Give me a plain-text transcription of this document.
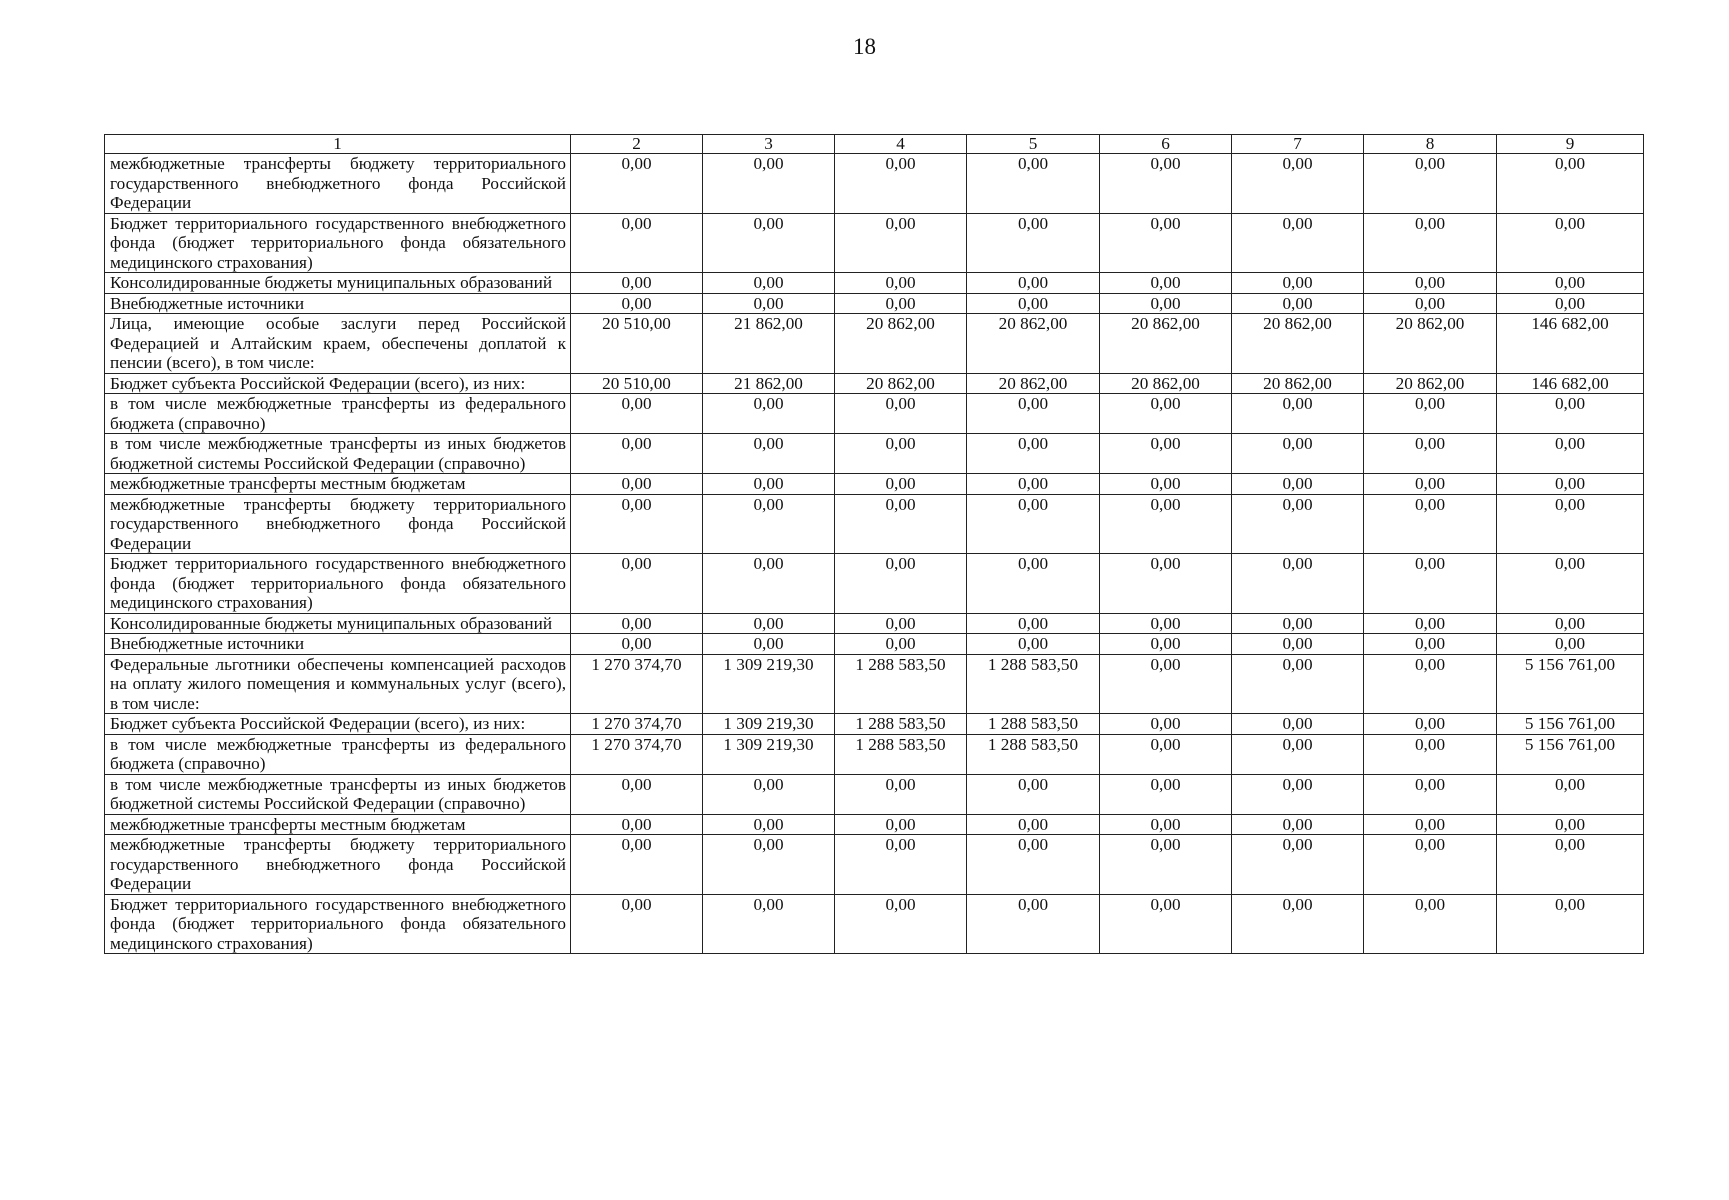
18
1	2	3	4	5	6	7	8	9
межбюджетные трансферты бюджету территориального государственного внебюджетного фонда Российской Федерации	0,00	0,00	0,00	0,00	0,00	0,00	0,00	0,00
Бюджет территориального государственного внебюджетного фонда (бюджет территориального фонда обязательного медицинского страхования)	0,00	0,00	0,00	0,00	0,00	0,00	0,00	0,00
Консолидированные бюджеты муниципальных образований	0,00	0,00	0,00	0,00	0,00	0,00	0,00	0,00
Внебюджетные источники	0,00	0,00	0,00	0,00	0,00	0,00	0,00	0,00
Лица, имеющие особые заслуги перед Российской Федерацией и Алтайским краем, обеспечены доплатой к пенсии (всего), в том числе:	20 510,00	21 862,00	20 862,00	20 862,00	20 862,00	20 862,00	20 862,00	146 682,00
Бюджет субъекта Российской Федерации (всего), из них:	20 510,00	21 862,00	20 862,00	20 862,00	20 862,00	20 862,00	20 862,00	146 682,00
в том числе межбюджетные трансферты из федерального бюджета (справочно)	0,00	0,00	0,00	0,00	0,00	0,00	0,00	0,00
в том числе межбюджетные трансферты из иных бюджетов бюджетной системы Российской Федерации (справочно)	0,00	0,00	0,00	0,00	0,00	0,00	0,00	0,00
межбюджетные трансферты местным бюджетам	0,00	0,00	0,00	0,00	0,00	0,00	0,00	0,00
межбюджетные трансферты бюджету территориального государственного внебюджетного фонда Российской Федерации	0,00	0,00	0,00	0,00	0,00	0,00	0,00	0,00
Бюджет территориального государственного внебюджетного фонда (бюджет территориального фонда обязательного медицинского страхования)	0,00	0,00	0,00	0,00	0,00	0,00	0,00	0,00
Консолидированные бюджеты муниципальных образований	0,00	0,00	0,00	0,00	0,00	0,00	0,00	0,00
Внебюджетные источники	0,00	0,00	0,00	0,00	0,00	0,00	0,00	0,00
Федеральные льготники обеспечены компенсацией расходов на оплату жилого помещения и коммунальных услуг (всего), в том числе:	1 270 374,70	1 309 219,30	1 288 583,50	1 288 583,50	0,00	0,00	0,00	5 156 761,00
Бюджет субъекта Российской Федерации (всего), из них:	1 270 374,70	1 309 219,30	1 288 583,50	1 288 583,50	0,00	0,00	0,00	5 156 761,00
в том числе межбюджетные трансферты из федерального бюджета (справочно)	1 270 374,70	1 309 219,30	1 288 583,50	1 288 583,50	0,00	0,00	0,00	5 156 761,00
в том числе межбюджетные трансферты из иных бюджетов бюджетной системы Российской Федерации (справочно)	0,00	0,00	0,00	0,00	0,00	0,00	0,00	0,00
межбюджетные трансферты местным бюджетам	0,00	0,00	0,00	0,00	0,00	0,00	0,00	0,00
межбюджетные трансферты бюджету территориального государственного внебюджетного фонда Российской Федерации	0,00	0,00	0,00	0,00	0,00	0,00	0,00	0,00
Бюджет территориального государственного внебюджетного фонда (бюджет территориального фонда обязательного медицинского страхования)	0,00	0,00	0,00	0,00	0,00	0,00	0,00	0,00
